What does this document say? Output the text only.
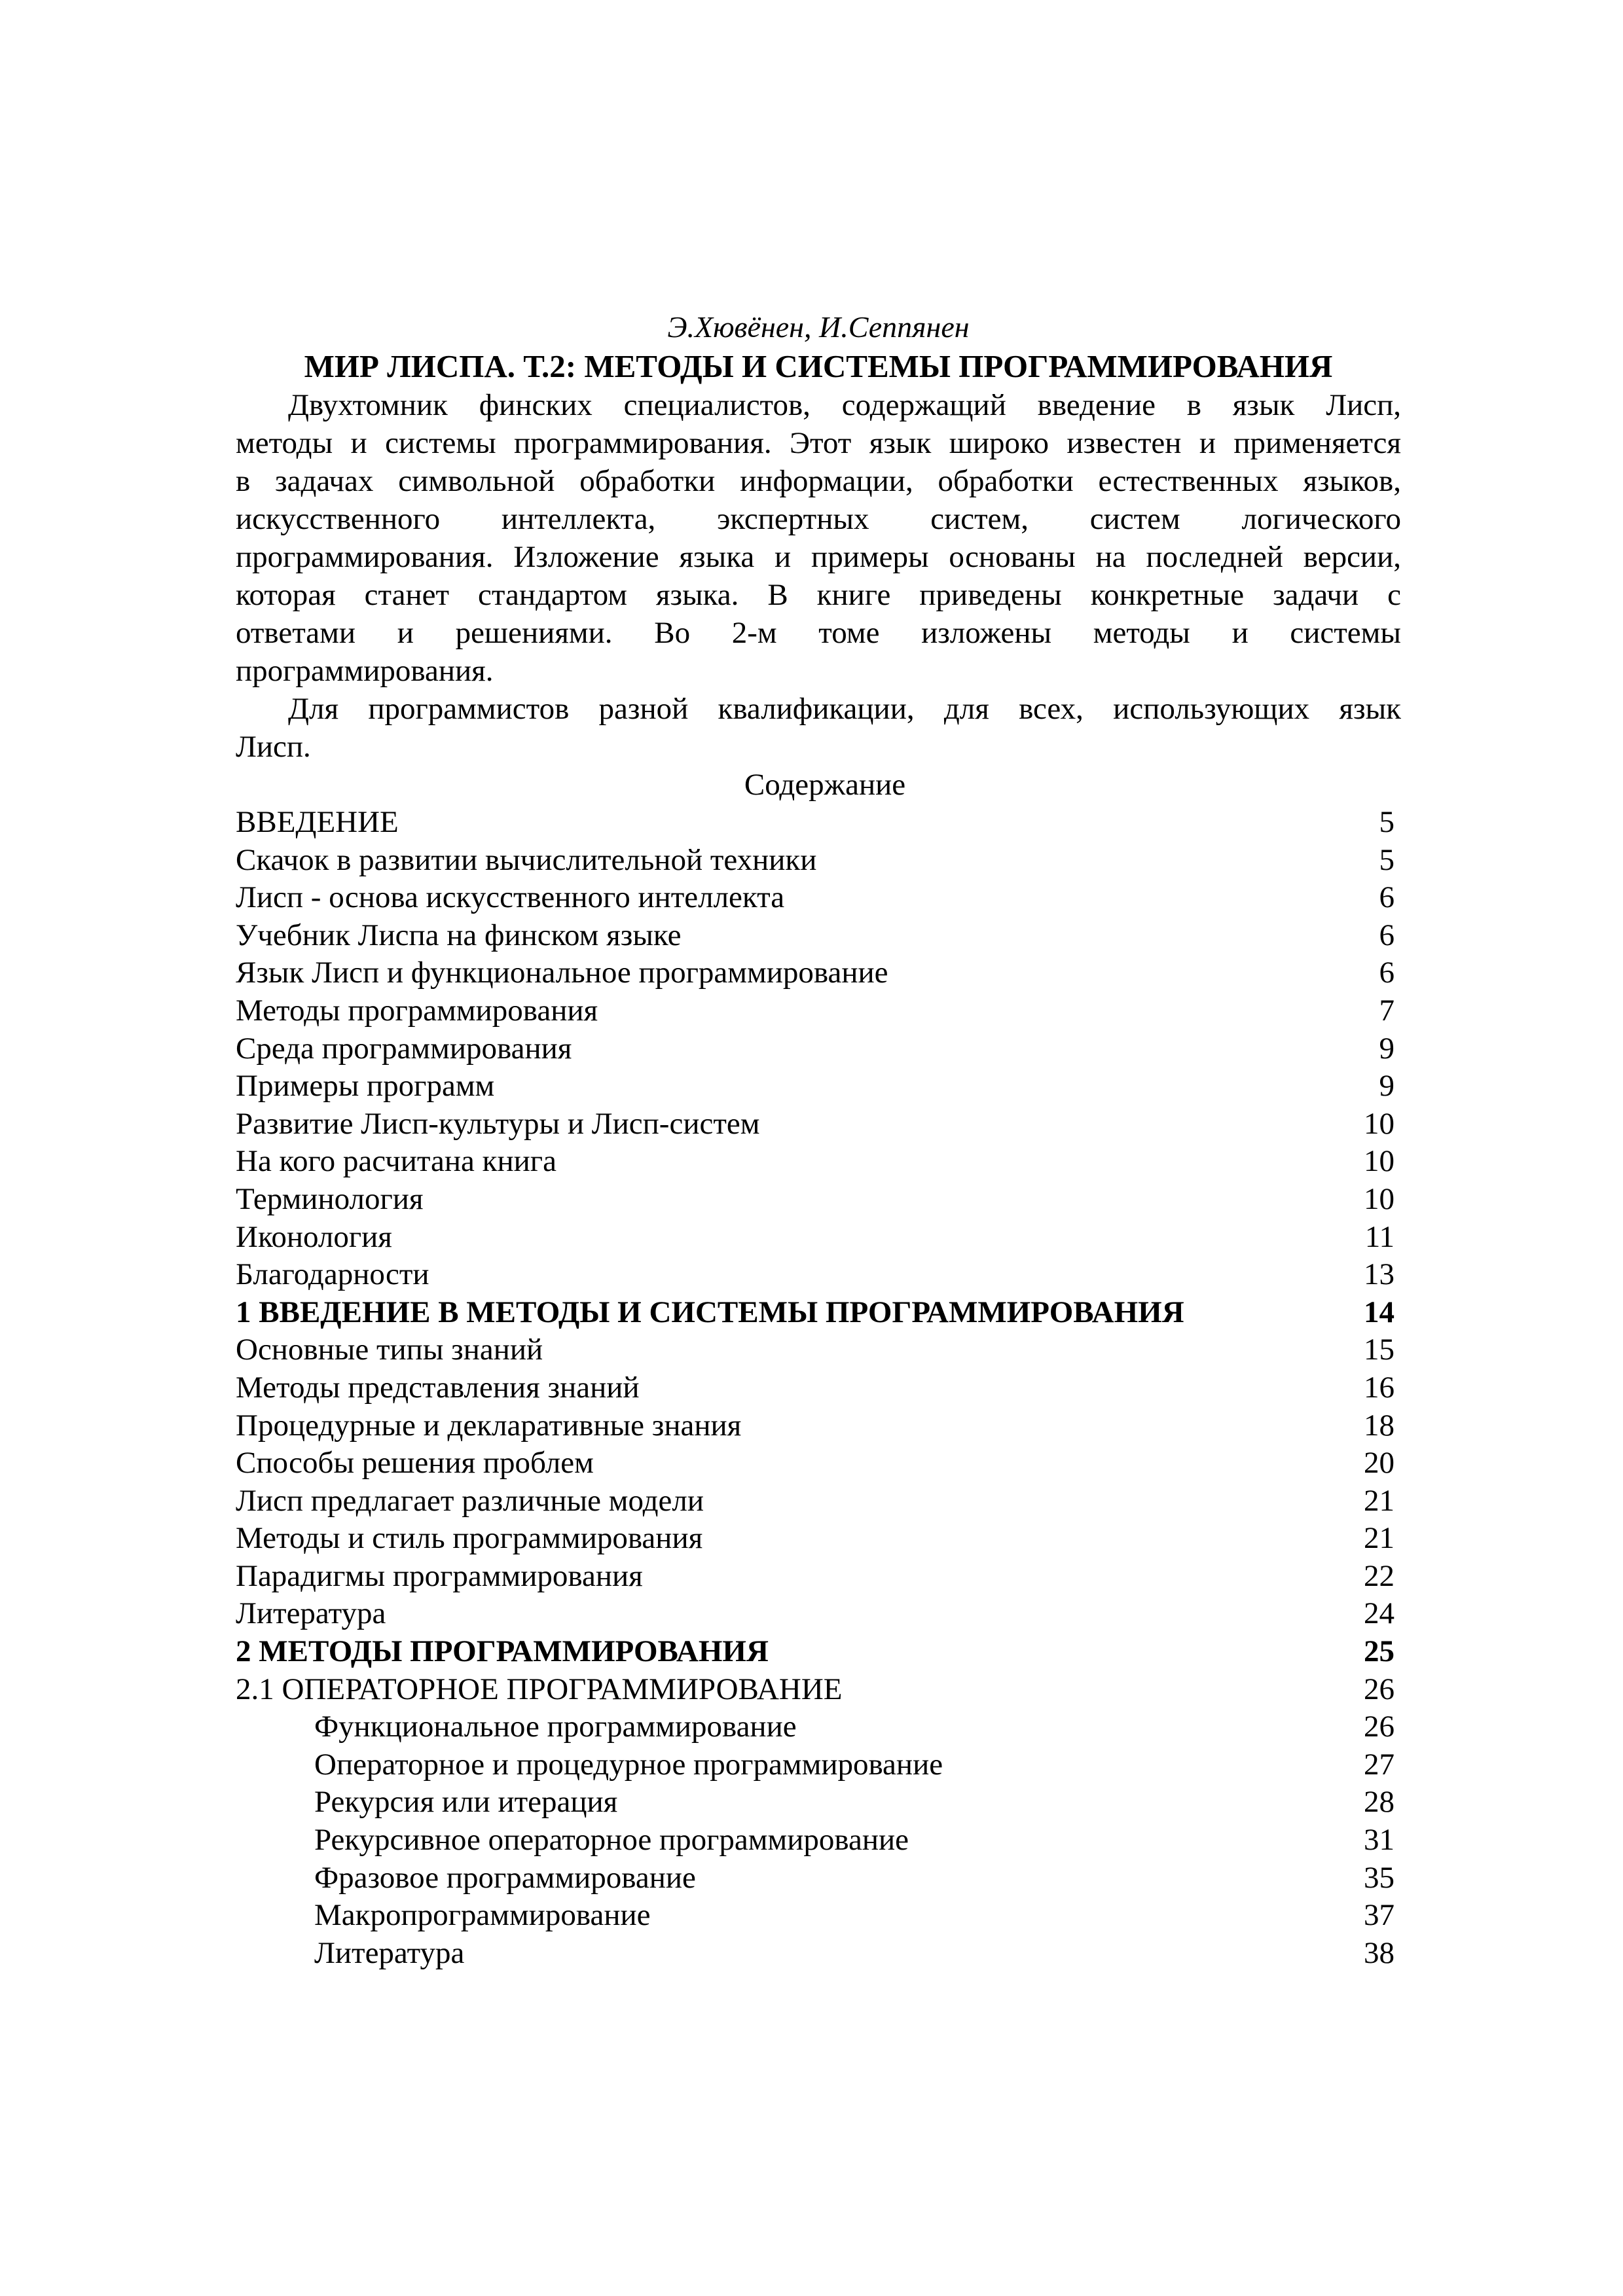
Э.Хювёнен, И.Сеппянен
МИР ЛИСПА. Т.2: МЕТОДЫ И СИСТЕМЫ ПРОГРАММИРОВАНИЯ
Двухтомник финских специалистов, содержащий введение в язык Лисп,
методы и системы программирования. Этот язык широко известен и применяется
в задачах символьной обработки информации, обработки естественных языков,
искусственного интеллекта, экспертных систем, систем логического
программирования. Изложение языка и примеры основаны на последней версии,
которая станет стандартом языка. В книге приведены конкретные задачи с
ответами и решениями. Во 2-м томе изложены методы и системы
программирования.
Для программистов разной квалификации, для всех, использующих язык
Лисп.
Содержание
ВВЕДЕНИЕ	5
Скачок в развитии вычислительной техники	5
Лисп - основа искусственного интеллекта	6
Учебник Лиспа на финском языке	6
Язык Лисп и функциональное программирование	6
Методы программирования	7
Среда программирования	9
Примеры программ	9
Развитие Лисп-культуры и Лисп-систем	10
На кого расчитана книга	10
Терминология	10
Иконология	11
Благодарности	13
1 ВВЕДЕНИЕ В МЕТОДЫ И СИСТЕМЫ ПРОГРАММИРОВАНИЯ	14
Основные типы знаний	15
Методы представления знаний	16
Процедурные и декларативные знания	18
Способы решения проблем	20
Лисп предлагает различные модели	21
Методы и стиль программирования	21
Парадигмы программирования	22
Литература	24
2 МЕТОДЫ ПРОГРАММИРОВАНИЯ	25
2.1 ОПЕРАТОРНОЕ ПРОГРАММИРОВАНИЕ	26
Функциональное программирование	26
Операторное и процедурное программирование	27
Рекурсия или итерация	28
Рекурсивное операторное программирование	31
Фразовое программирование	35
Макропрограммирование	37
Литература	38
